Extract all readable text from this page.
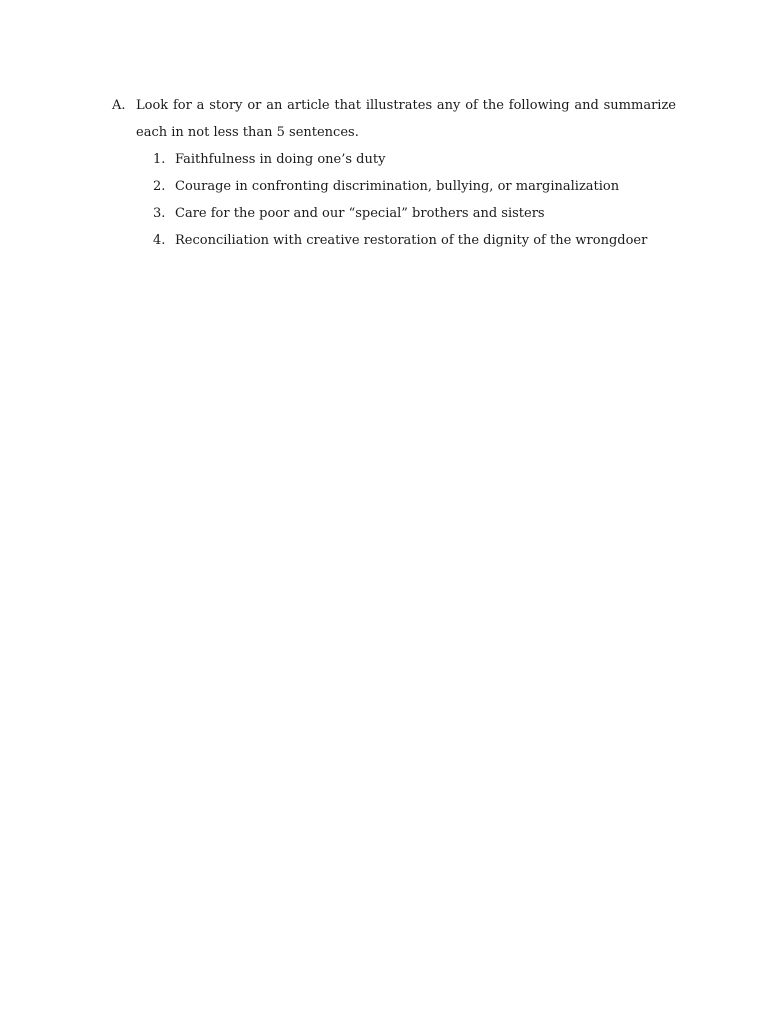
A. Look for a story or an article that illustrates any of the following and summarize each in not less than 5 sentences.
1. Faithfulness in doing one’s duty
2. Courage in confronting discrimination, bullying, or marginalization
3. Care for the poor and our “special” brothers and sisters
4. Reconciliation with creative restoration of the dignity of the wrongdoer
